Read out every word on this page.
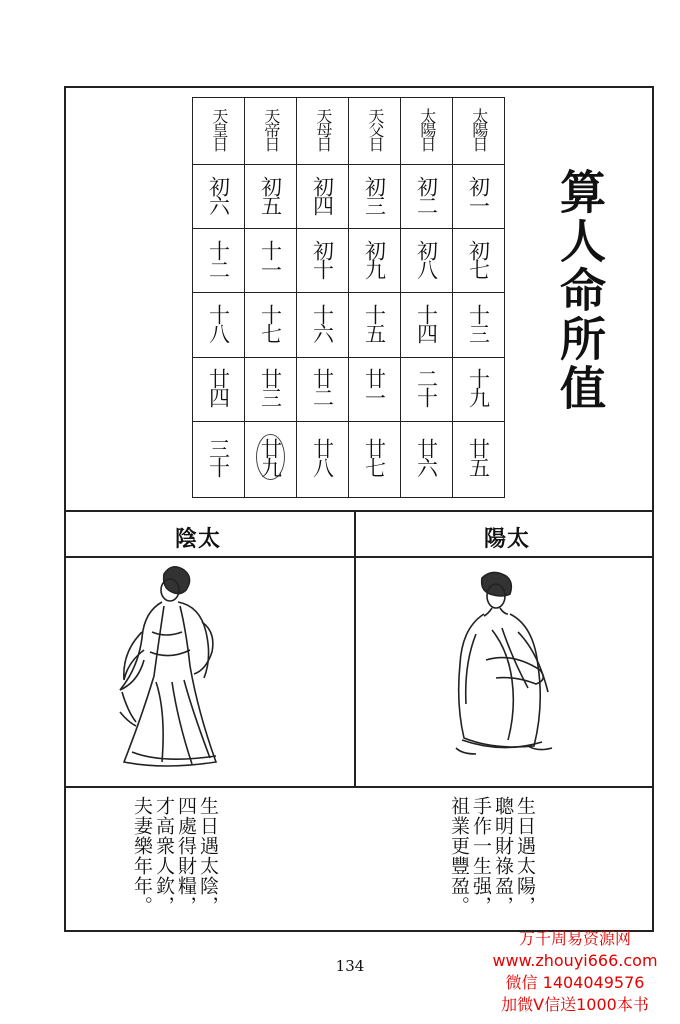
天皇日	天帝日	天母日	天父日	太陽日	太陽日
初六	初五	初四	初三	初二	初一
十二	十一	初十	初九	初八	初七
十八	十七	十六	十五	十四	十三
廿四	廿三	廿二	廿一	二十	十九
三十	廿九	廿八	廿七	廿六	廿五
算人命所值
陰太	陽太
生日遇太陰，
四處得財糧，
才高衆人欽，
夫妻樂年年。	生日遇太陽，
聰明財祿盈，
手作一生强，
祖業更豐盈。
134
万千周易资源网
www.zhouyi666.com
微信 1404049576
加微V信送1000本书
